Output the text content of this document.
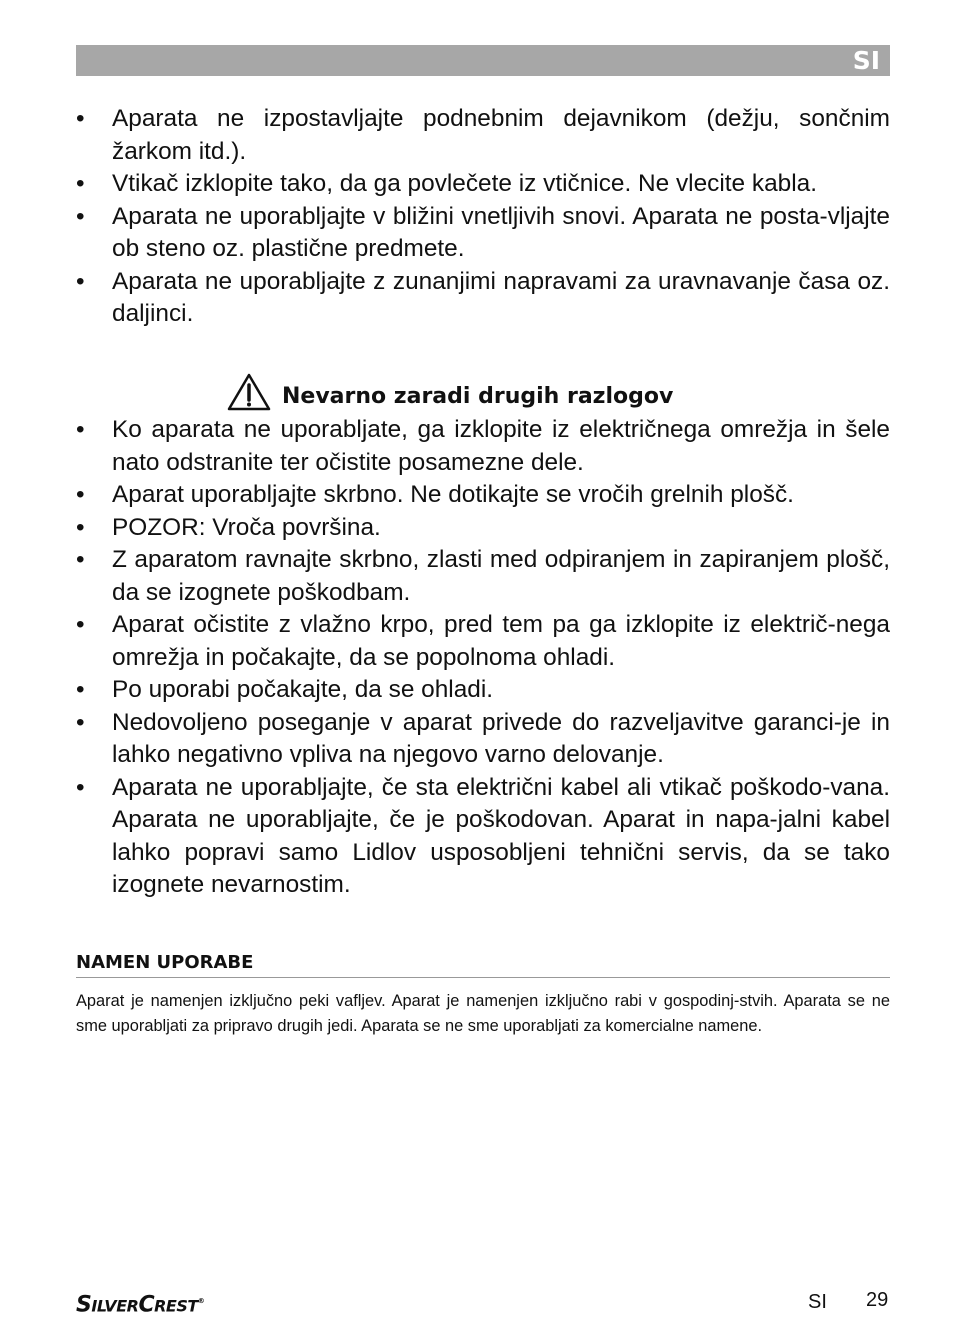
SI
• Aparata ne izpostavljajte podnebnim dejavnikom (dežju, sončnim žarkom itd.).
• Vtikač izklopite tako, da ga povlečete iz vtičnice. Ne vlecite kabla.
• Aparata ne uporabljajte v bližini vnetljivih snovi. Aparata ne posta-vljajte ob steno oz. plastične predmete.
• Aparata ne uporabljajte z zunanjimi napravami za uravnavanje časa oz. daljinci.
Nevarno zaradi drugih razlogov
• Ko aparata ne uporabljate, ga izklopite iz električnega omrežja in šele nato odstranite ter očistite posamezne dele.
• Aparat uporabljajte skrbno. Ne dotikajte se vročih grelnih plošč.
• POZOR: Vroča površina.
• Z aparatom ravnajte skrbno, zlasti med odpiranjem in zapiranjem plošč, da se izognete poškodbam.
• Aparat očistite z vlažno krpo, pred tem pa ga izklopite iz električ-nega omrežja in počakajte, da se popolnoma ohladi.
• Po uporabi počakajte, da se ohladi.
• Nedovoljeno poseganje v aparat privede do razveljavitve garanci-je in lahko negativno vpliva na njegovo varno delovanje.
• Aparata ne uporabljajte, če sta električni kabel ali vtikač poškodo-vana. Aparata ne uporabljajte, če je poškodovan. Aparat in napa-jalni kabel lahko popravi samo Lidlov usposobljeni tehnični servis, da se tako izognete nevarnostim.
NAMEN UPORABE

Aparat je namenjen izključno peki vafljev. Aparat je namenjen izključno rabi v gospodinj-stvih. Aparata se ne sme uporabljati za pripravo drugih jedi. Aparata se ne sme uporabljati za komercialne namene.

SILVERCREST®	SI 29
